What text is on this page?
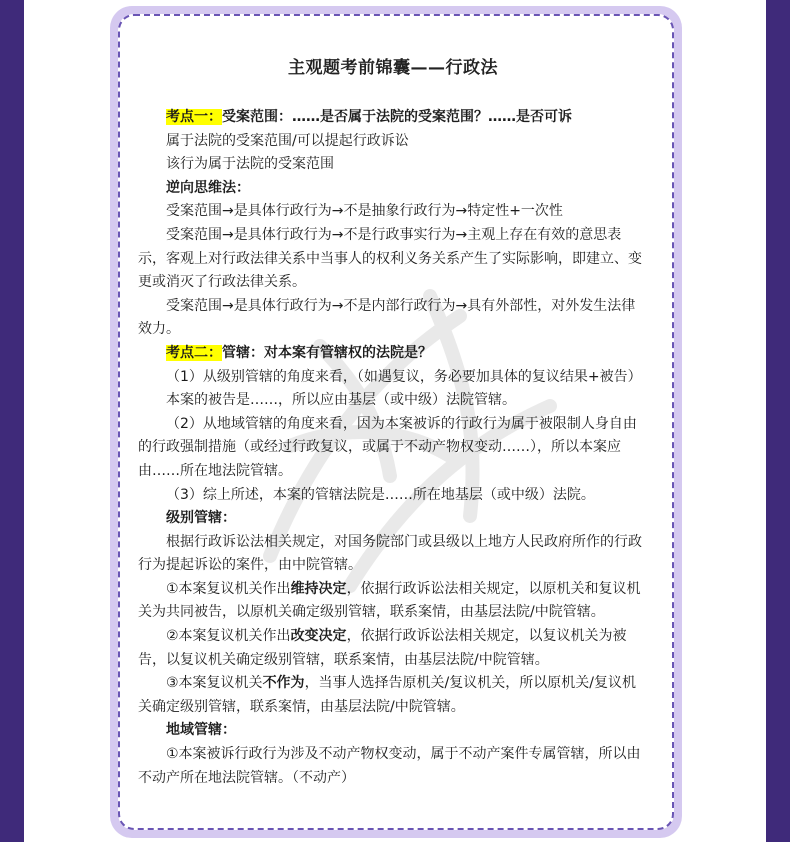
主观题考前锦囊——行政法

考点一：受案范围：……是否属于法院的受案范围？……是否可诉

属于法院的受案范围/可以提起行政诉讼

该行为属于法院的受案范围

逆向思维法：

受案范围→是具体行政行为→不是抽象行政行为→特定性+一次性

受案范围→是具体行政行为→不是行政事实行为→主观上存在有效的意思表示，客观上对行政法律关系中当事人的权利义务关系产生了实际影响，即建立、变更或消灭了行政法律关系。

受案范围→是具体行政行为→不是内部行政行为→具有外部性，对外发生法律效力。

考点二：管辖：对本案有管辖权的法院是？

（1）从级别管辖的角度来看，（如遇复议，务必要加具体的复议结果+被告）

本案的被告是……，所以应由基层（或中级）法院管辖。

（2）从地域管辖的角度来看，因为本案被诉的行政行为属于被限制人身自由的行政强制措施（或经过行政复议，或属于不动产物权变动……），所以本案应由……所在地法院管辖。

（3）综上所述，本案的管辖法院是……所在地基层（或中级）法院。

级别管辖：

根据行政诉讼法相关规定，对国务院部门或县级以上地方人民政府所作的行政行为提起诉讼的案件，由中院管辖。

①本案复议机关作出维持决定，依据行政诉讼法相关规定，以原机关和复议机关为共同被告，以原机关确定级别管辖，联系案情，由基层法院/中院管辖。

②本案复议机关作出改变决定，依据行政诉讼法相关规定，以复议机关为被告，以复议机关确定级别管辖，联系案情，由基层法院/中院管辖。

③本案复议机关不作为，当事人选择告原机关/复议机关，所以原机关/复议机关确定级别管辖，联系案情，由基层法院/中院管辖。

地域管辖：

①本案被诉行政行为涉及不动产物权变动，属于不动产案件专属管辖，所以由不动产所在地法院管辖。（不动产）
